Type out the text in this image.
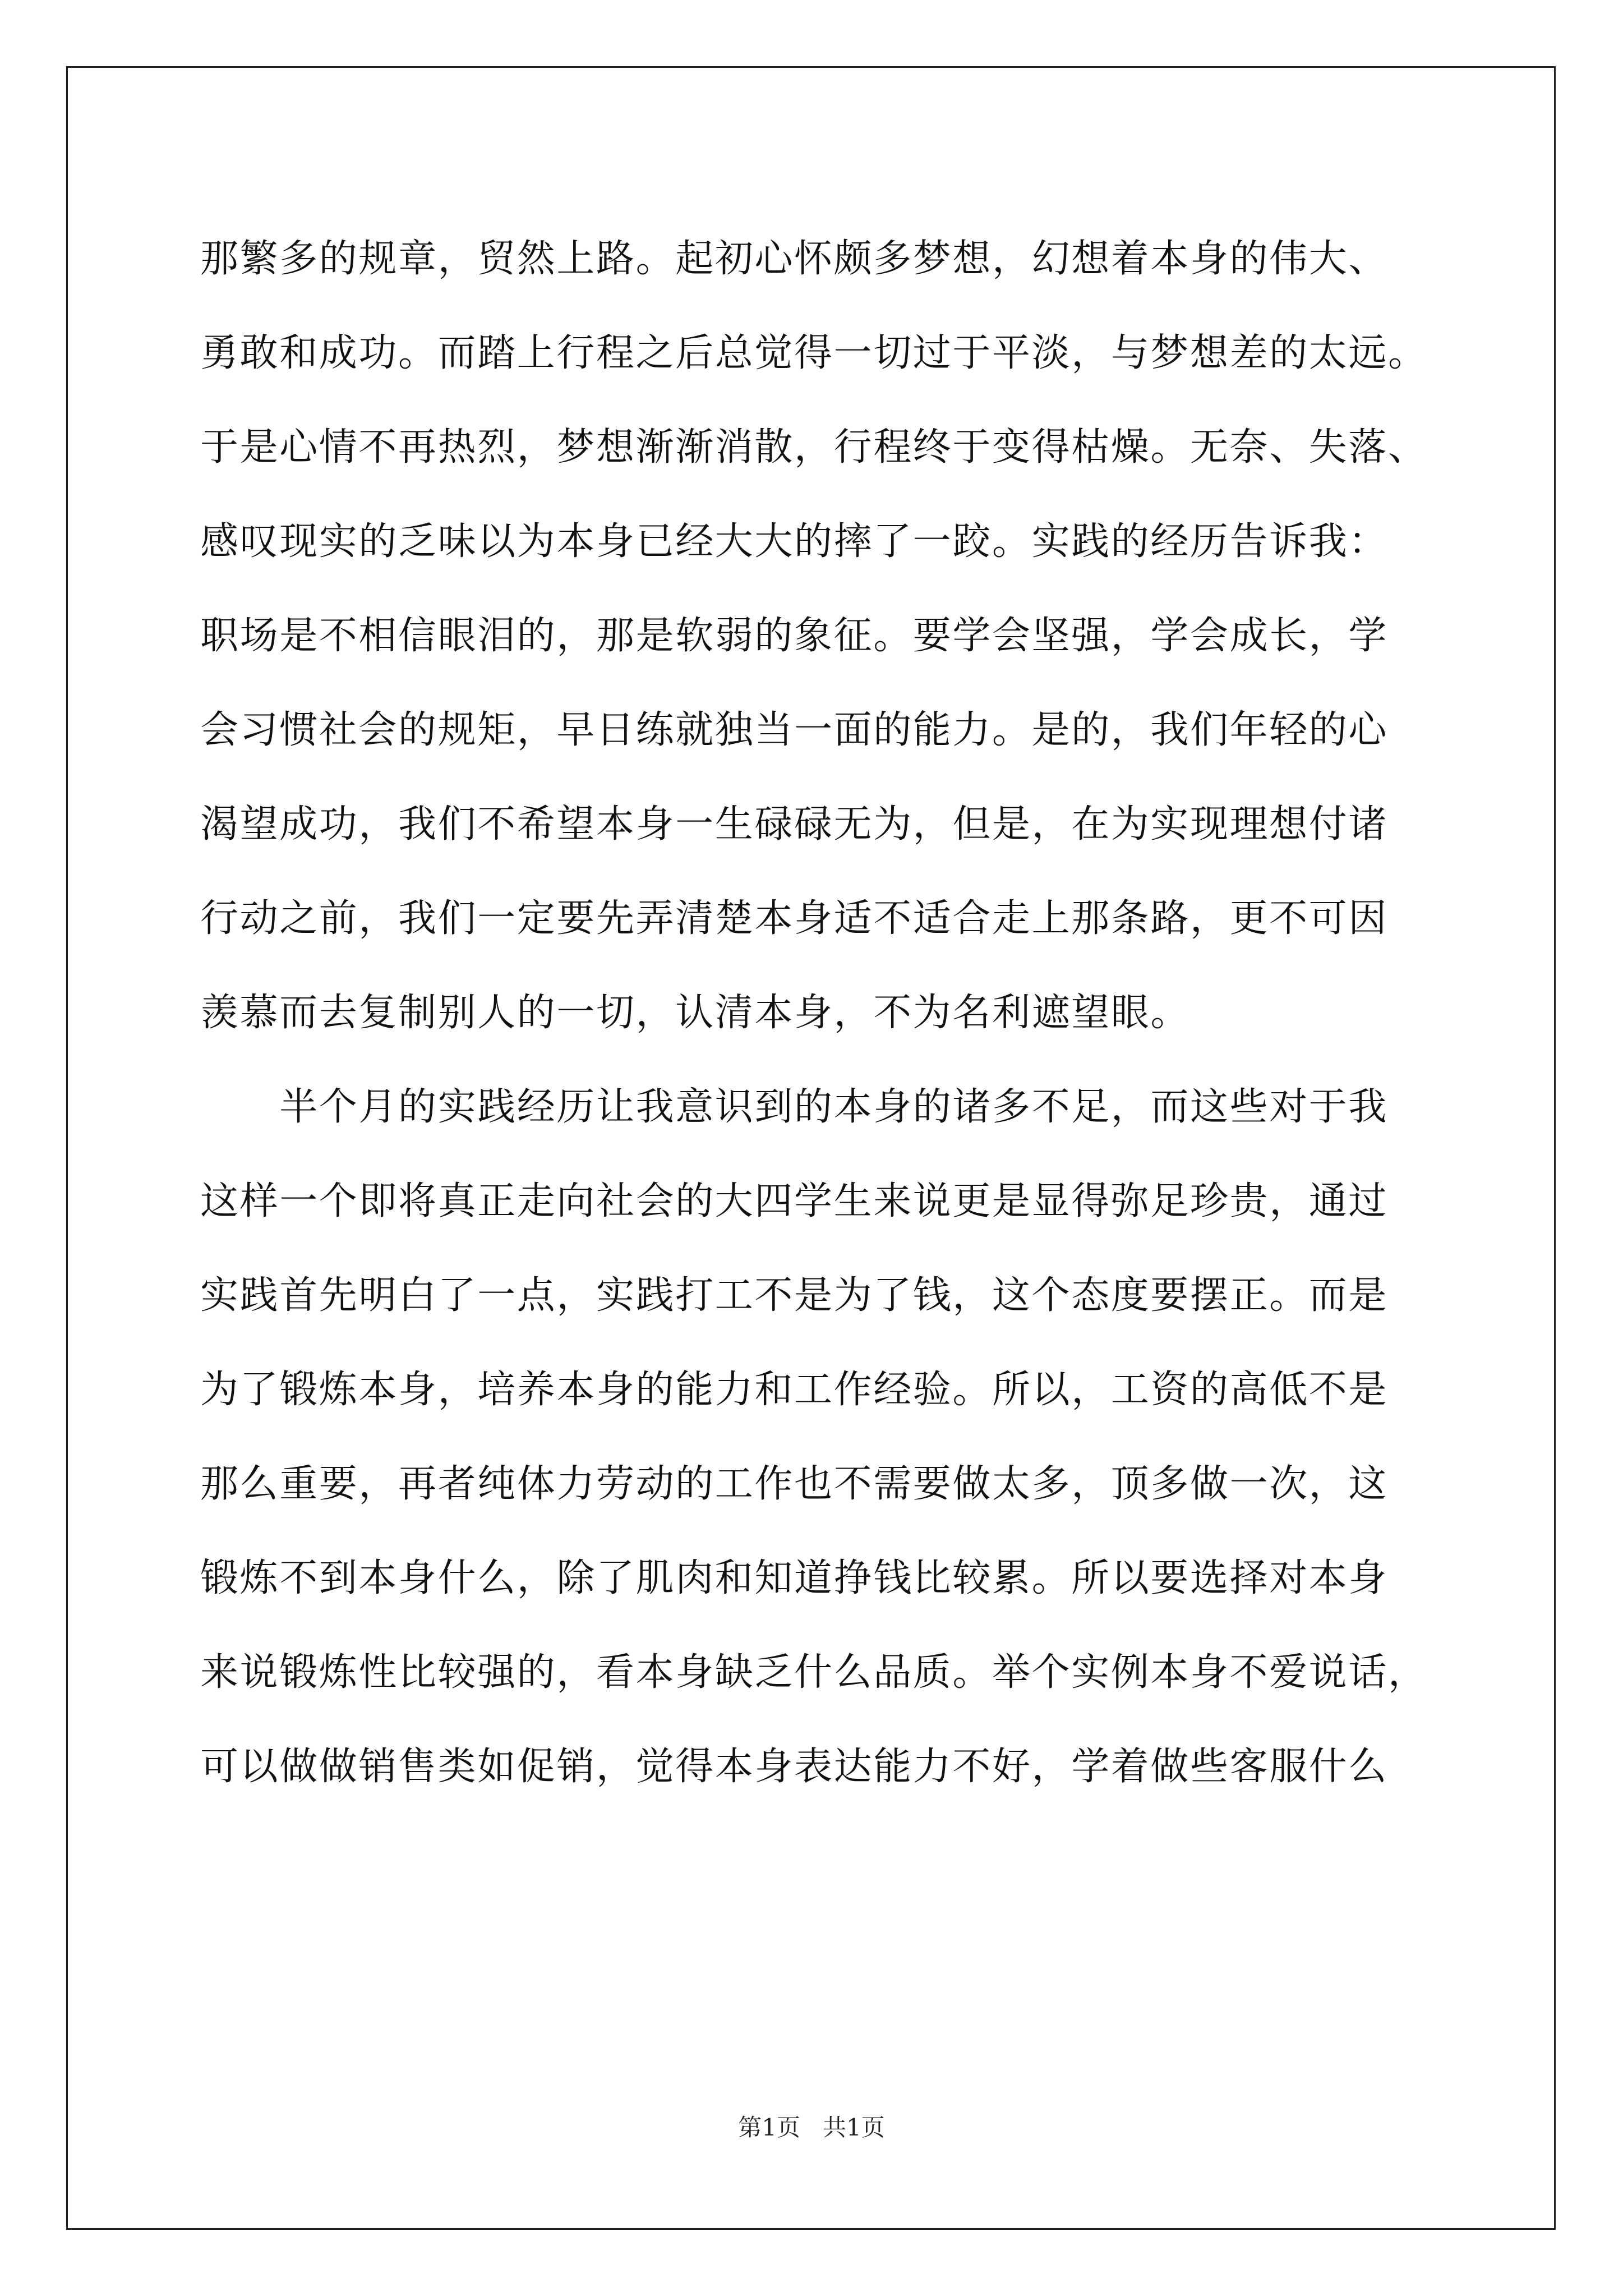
那繁多的规章，贸然上路。起初心怀颇多梦想，幻想着本身的伟大、
勇敢和成功。而踏上行程之后总觉得一切过于平淡，与梦想差的太远。
于是心情不再热烈，梦想渐渐消散，行程终于变得枯燥。无奈、失落、
感叹现实的乏味以为本身已经大大的摔了一跤。实践的经历告诉我：
职场是不相信眼泪的，那是软弱的象征。要学会坚强，学会成长，学
会习惯社会的规矩，早日练就独当一面的能力。是的，我们年轻的心
渴望成功，我们不希望本身一生碌碌无为，但是，在为实现理想付诸
行动之前，我们一定要先弄清楚本身适不适合走上那条路，更不可因
羡慕而去复制别人的一切，认清本身，不为名利遮望眼。
　　半个月的实践经历让我意识到的本身的诸多不足，而这些对于我
这样一个即将真正走向社会的大四学生来说更是显得弥足珍贵，通过
实践首先明白了一点，实践打工不是为了钱，这个态度要摆正。而是
为了锻炼本身，培养本身的能力和工作经验。所以，工资的高低不是
那么重要，再者纯体力劳动的工作也不需要做太多，顶多做一次，这
锻炼不到本身什么，除了肌肉和知道挣钱比较累。所以要选择对本身
来说锻炼性比较强的，看本身缺乏什么品质。举个实例本身不爱说话，
可以做做销售类如促销，觉得本身表达能力不好，学着做些客服什么
第1页   共1页
